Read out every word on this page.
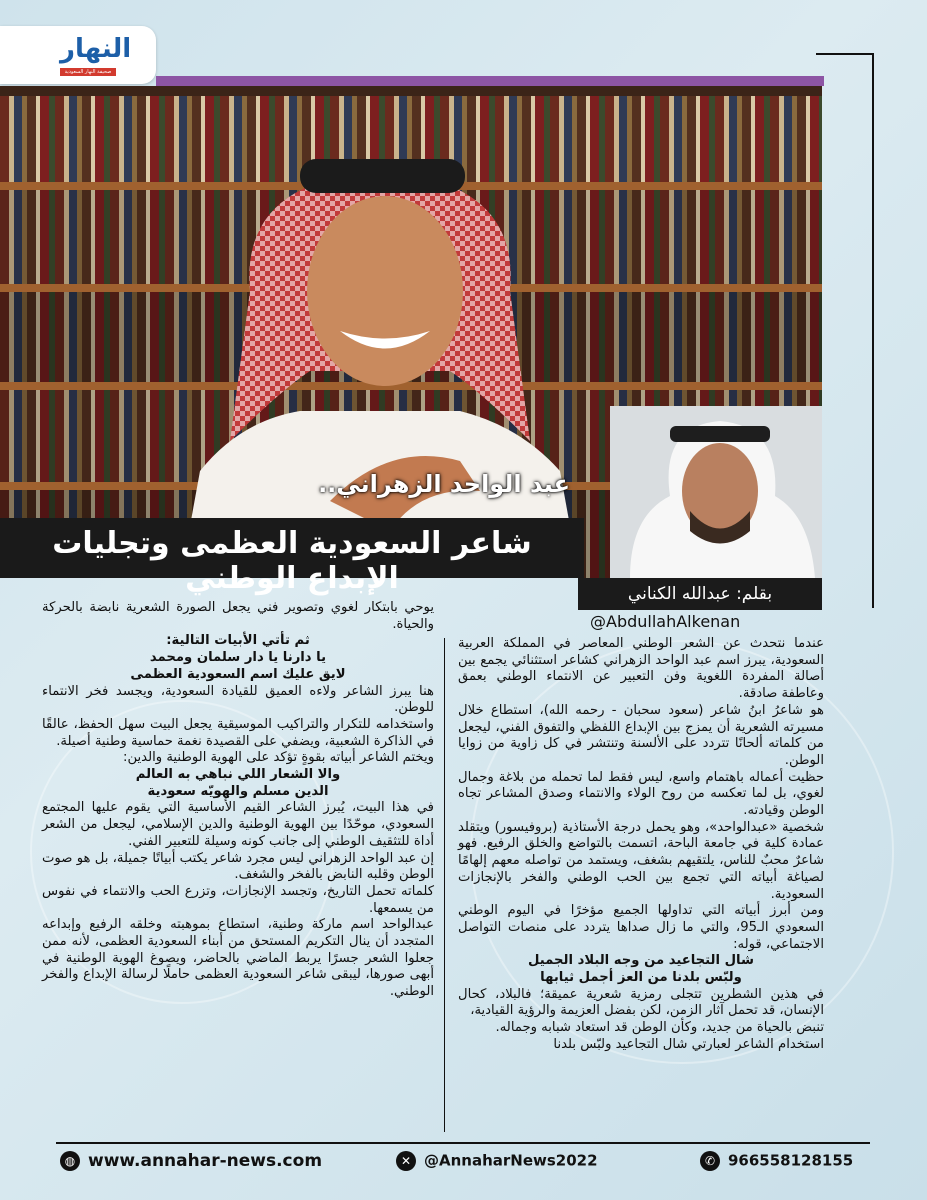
النهار
صحيفة النهار السعودية
عبد الواحد الزهراني..
شاعر السعودية العظمى وتجليات الإبداع الوطني	بقلم: عبدالله الكناني
@AbdullahAlkenan

عندما نتحدث عن الشعر الوطني المعاصر في المملكة العربية السعودية، يبرز اسم عبد الواحد الزهراني كشاعر استثنائي يجمع بين أصالة المفردة اللغوية وفن التعبير عن الانتماء الوطني بعمق وعاطفة صادقة.

هو شاعرُ ابنُ شاعر (سعود سحبان - رحمه الله)، استطاع خلال مسيرته الشعرية أن يمزج بين الإبداع اللفظي والتفوق الفني، ليجعل من كلماته ألحانًا تتردد على الألسنة وتنتشر في كل زاوية من زوايا الوطن.

حظيت أعماله باهتمام واسع، ليس فقط لما تحمله من بلاغة وجمال لغوي، بل لما تعكسه من روح الولاء والانتماء وصدق المشاعر تجاه الوطن وقيادته.

شخصية «عبدالواحد»، وهو يحمل درجة الأستاذية (بروفيسور) ويتقلد عمادة كلية في جامعة الباحة، اتسمت بالتواضع والخلق الرفيع. فهو شاعرٌ محبٌ للناس، يلتقيهم بشغف، ويستمد من تواصله معهم إلهامًا لصياغة أبياته التي تجمع بين الحب الوطني والفخر بالإنجازات السعودية.

ومن أبرز أبياته التي تداولها الجميع مؤخرًا في اليوم الوطني السعودي الـ95، والتي ما زال صداها يتردد على منصات التواصل الاجتماعي، قوله:

شال التجاعيد من وجه البلاد الجميل

ولبّس بلدنا من العز أجمل ثيابها

في هذين الشطرين تتجلى رمزية شعرية عميقة؛ فالبلاد، كحال الإنسان، قد تحمل آثار الزمن، لكن بفضل العزيمة والرؤية القيادية،

تنبض بالحياة من جديد، وكأن الوطن قد استعاد شبابه وجماله.

استخدام الشاعر لعبارتي شال التجاعيد ولبّس بلدنا

يوحي بابتكار لغوي وتصوير فني يجعل الصورة الشعرية نابضة بالحركة والحياة.

ثم تأتي الأبيات التالية:

يا دارنا يا دار سلمان ومحمد

لايق عليك اسم السعودية العظمى

هنا يبرز الشاعر ولاءه العميق للقيادة السعودية، ويجسد فخر الانتماء للوطن.

واستخدامه للتكرار والتراكيب الموسيقية يجعل البيت سهل الحفظ، عالقًا في الذاكرة الشعبية، ويضفي على القصيدة نغمة حماسية وطنية أصيلة.

ويختم الشاعر أبياته بقوةٍ تؤكد على الهوية الوطنية والدين:

والا الشعار اللي نباهي به العالم

الدين مسلم والهويّه سعودية

في هذا البيت، يُبرز الشاعر القيم الأساسية التي يقوم عليها المجتمع السعودي، موحّدًا بين الهوية الوطنية والدين الإسلامي، ليجعل من الشعر أداة للتثقيف الوطني إلى جانب كونه وسيلة للتعبير الفني.

إن عبد الواحد الزهراني ليس مجرد شاعر يكتب أبياتًا جميلة، بل هو صوت الوطن وقلبه النابض بالفخر والشغف.

كلماته تحمل التاريخ، وتجسد الإنجازات، وتزرع الحب والانتماء في نفوس من يسمعها.

عبدالواحد اسم ماركة وطنية، استطاع بموهبته وخلقه الرفيع وإبداعه المتجدد أن ينال التكريم المستحق من أبناء السعودية العظمى، لأنه ممن جعلوا الشعر جسرًا يربط الماضي بالحاضر، ويصوغ الهوية الوطنية في أبهى صورها، ليبقى شاعر السعودية العظمى حاملًا لرسالة الإبداع والفخر الوطني.

◍ www.annahar-news.com	✕ @AnnaharNews2022	✆ 966558128155
